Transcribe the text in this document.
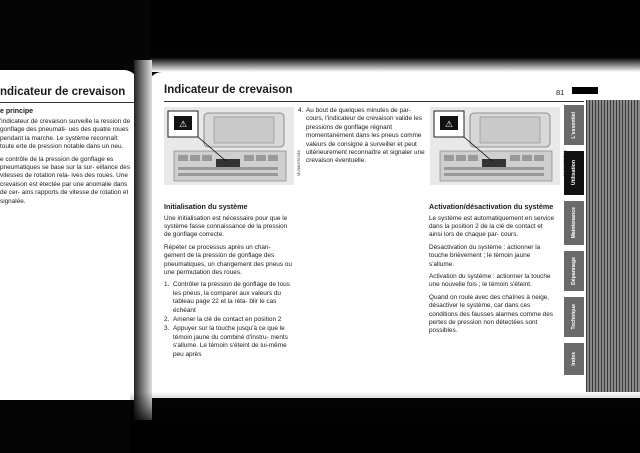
ndicateur de crevaison
e principe

'indicateur de crevaison surveille la ression de gonflage des pneumati- ues des quatre roues pendant la marche. Le système reconnaît toute erte de pression notable dans un neu.

e contrôle de la pression de gonflage es pneumatiques se base sur la sur- eillance des vitesses de rotation rela- ives des roues. Une crevaison est étectée par une anomalie dans de cer- ains rapports de vitesse de rotation et signalée.

Indicateur de crevaison	81
⚠
MV08075CMA
⚠
4. Au bout de quelques minutes de par- cours, l'indicateur de crevaison valide les pressions de gonflage régnant momentanément dans les pneus comme valeurs de consigne à surveiller et peut ultérieurement reconnaître et signaler une crevaison éventuelle.
Initialisation du système

Une initialisation est nécessaire pour que le système fasse connaissance de la pression de gonflage correcte.

Répéter ce processus après un chan- gement de la pression de gonflage des pneumatiques, un changement des pneus ou une permutation des roues.

1. Contrôler la pression de gonflage de tous les pneus, la comparer aux valeurs du tableau page 22 et la réta- blir le cas échéant
2. Amener la clé de contact en position 2
3. Appuyer sur la touche jusqu'à ce que le témoin jaune du combiné d'instru- ments s'allume. Le témoin s'éteint de lui-même peu après
Activation/désactivation du système

Le système est automatiquement en service dans la position 2 de la clé de contact et ainsi lors de chaque par- cours.

Désactivation du système : actionner la touche brièvement ; le témoin jaune s'allume.

Activation du système : actionner la touche une nouvelle fois ; le témoin s'éteint.

Quand on roule avec des chaînes à neige, désactiver le système, car dans ces conditions des fausses alarmes comme des pertes de pression non détectées sont possibles.

L'essentiel
Utilisation
Maintenance
Dépannage
Technique
Index
